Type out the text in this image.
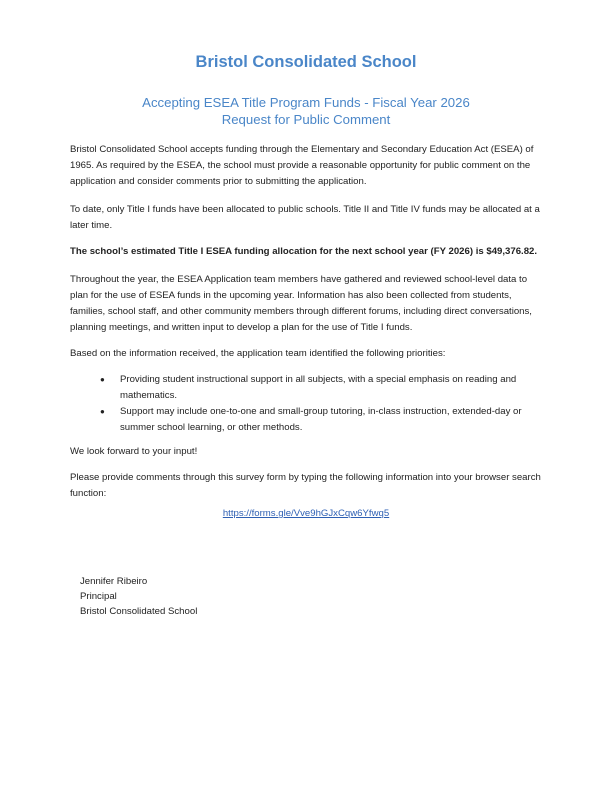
Bristol Consolidated School
Accepting ESEA Title Program Funds - Fiscal Year 2026
Request for Public Comment

Bristol Consolidated School accepts funding through the Elementary and Secondary Education Act (ESEA) of 1965. As required by the ESEA, the school must provide a reasonable opportunity for public comment on the application and consider comments prior to submitting the application.

To date, only Title I funds have been allocated to public schools. Title II and Title IV funds may be allocated at a later time.

The school’s estimated Title I ESEA funding allocation for the next school year (FY 2026) is $49,376.82.

Throughout the year, the ESEA Application team members have gathered and reviewed school-level data to plan for the use of ESEA funds in the upcoming year. Information has also been collected from students, families, school staff, and other community members through different forums, including direct conversations, planning meetings, and written input to develop a plan for the use of Title I funds.

Based on the information received, the application team identified the following priorities:

● Providing student instructional support in all subjects, with a special emphasis on reading and mathematics.
● Support may include one-to-one and small-group tutoring, in-class instruction, extended-day or summer school learning, or other methods.

We look forward to your input!

Please provide comments through this survey form by typing the following information into your browser search function:

https://forms.gle/Vve9hGJxCqw6Yfwq5
Jennifer Ribeiro
Principal
Bristol Consolidated School
